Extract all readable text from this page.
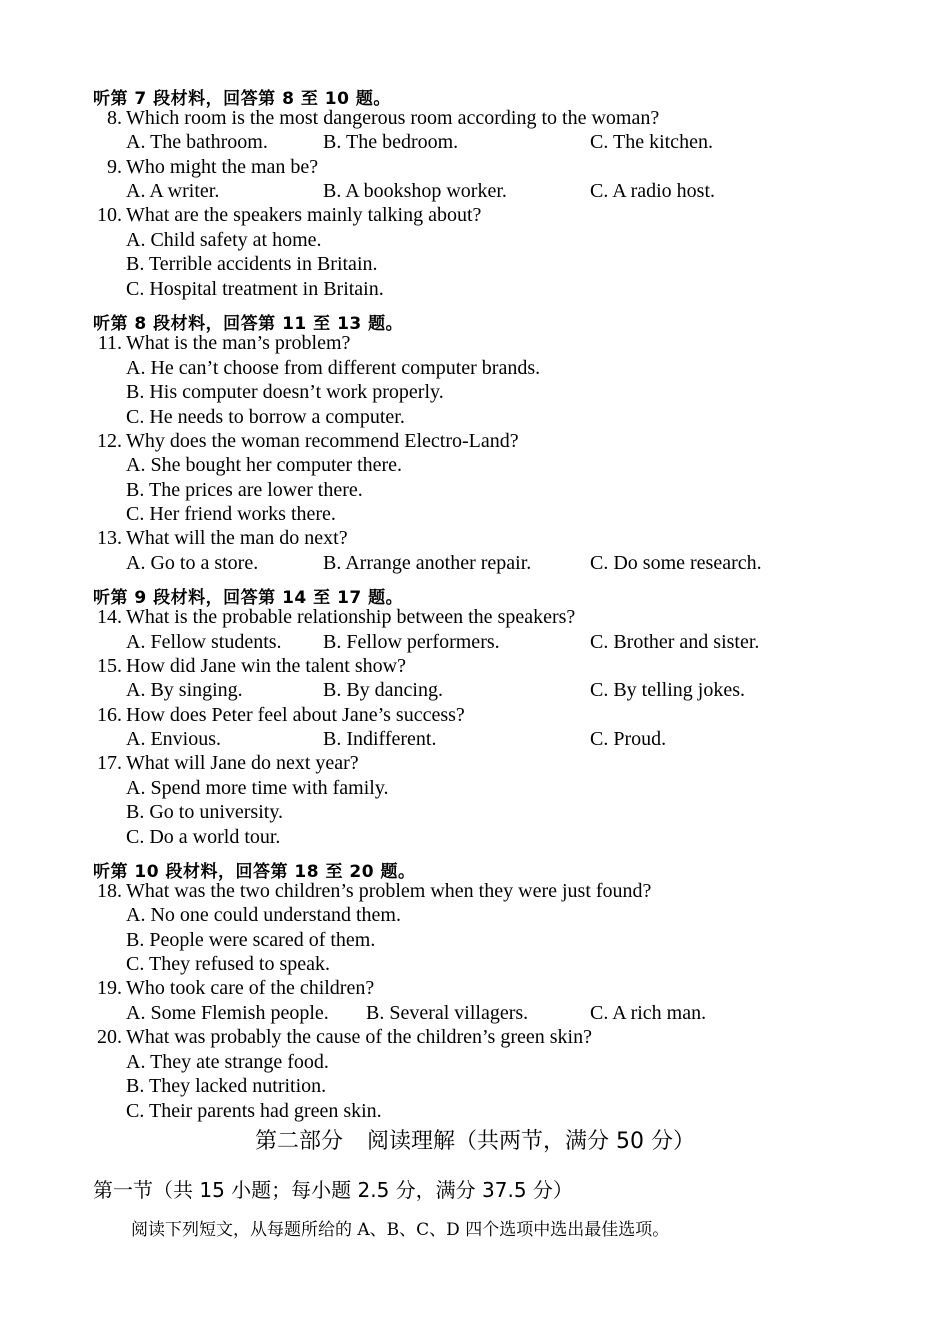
听第 7 段材料，回答第 8 至 10 题。
8. Which room is the most dangerous room according to the woman?
A. The bathroom.	B. The bedroom.	C. The kitchen.
9. Who might the man be?
A. A writer.	B. A bookshop worker.	C. A radio host.
10. What are the speakers mainly talking about?
A. Child safety at home.
B. Terrible accidents in Britain.
C. Hospital treatment in Britain.
听第 8 段材料，回答第 11 至 13 题。
11. What is the man’s problem?
A. He can’t choose from different computer brands.
B. His computer doesn’t work properly.
C. He needs to borrow a computer.
12. Why does the woman recommend Electro-Land?
A. She bought her computer there.
B. The prices are lower there.
C. Her friend works there.
13. What will the man do next?
A. Go to a store.	B. Arrange another repair.	C. Do some research.
听第 9 段材料，回答第 14 至 17 题。
14. What is the probable relationship between the speakers?
A. Fellow students. B. Fellow performers.	C. Brother and sister.
15. How did Jane win the talent show?
A. By singing.	B. By dancing.	C. By telling jokes.
16. How does Peter feel about Jane’s success?
A. Envious.	B. Indifferent.	C. Proud.
17. What will Jane do next year?
A. Spend more time with family.
B. Go to university.
C. Do a world tour.
听第 10 段材料，回答第 18 至 20 题。
18. What was the two children’s problem when they were just found?
A. No one could understand them.
B. People were scared of them.
C. They refused to speak.
19. Who took care of the children?
A. Some Flemish people. B. Several villagers.	C. A rich man.
20. What was probably the cause of the children’s green skin?
A. They ate strange food.
B. They lacked nutrition.
C. Their parents had green skin.
第二部分 阅读理解（共两节，满分 50 分）
第一节（共 15 小题；每小题 2.5 分，满分 37.5 分）
阅读下列短文，从每题所给的 A、B、C、D 四个选项中选出最佳选项。
